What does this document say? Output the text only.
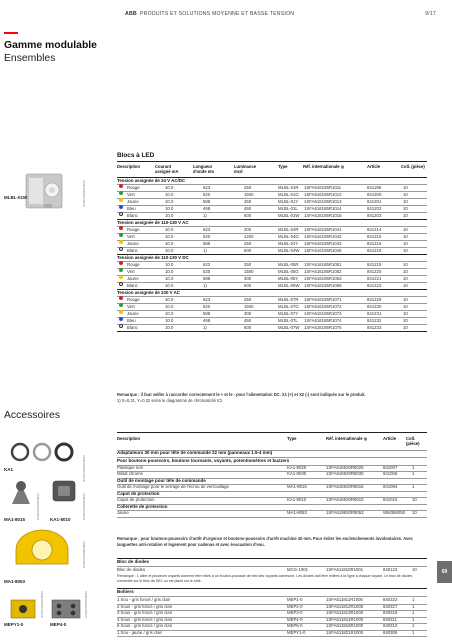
ABB PRODUITS ET SOLUTIONS MOYENNE ET BASSE TENSION	9/17
Gamme modulable
Ensembles
Blocs à LED
2CDC201001F0004
MLBL-01W
Description	Courant assigné mA
Longueur d'onde nm
Luminance mcd
Type	Réf. internationale ◎	Article	Coll. (pièce)
Tension assignée de 24 V AC/DC
Rouge	10.0	623	250	MLBL-01R 1SFA616185R1011	841199	10
Vert	10.0	520	1500	MLBL-01G 1SFA616185R1012	841200	10
Jaune	10.0	588	250	MLBL-01Y 1SFA616185R1013	841201	10
Bleu	10.0	468	450	MLBL-01L 1SFA616185R1014	841202	10
Blanc	10.0	1)	600	MLBL-01W 1SFA616185R1015	841203	10
Tension assignée de 110-130 V AC
Rouge	10.0	623	200	MLBL-04R 1SFA616185R1041	841214	10
Vert	10.0	520	1200	MLBL-04G 1SFA616185R1042	841215	10
Jaune	10.0	588	250	MLBL-04Y 1SFA616185R1043	841216	10
Blanc	10.0	1)	500	MLBL-04W 1SFA616185R1045	841218	10
Tension assignée de 110-130 V DC
Rouge	10.0	623	250	MLBL-05R 1SFA616185R1051	841219	10
Vert	10.0	520	1500	MLBL-05G 1SFA616185R1052	841220	10
Jaune	10.0	588	300	MLBL-05Y 1SFA616185R1053	841221	10
Blanc	10.0	1)	600	MLBL-05W 1SFA616185R1055	841223	10
Tension assignée de 230 V AC
Rouge	10.0	623	250	MLBL-07R 1SFA616185R1071	841229	10
Vert	10.0	520	1500	MLBL-07G 1SFA616185R1072	841230	10
Jaune	10.0	588	300	MLBL-07Y 1SFA616185R1073	841231	10
Bleu	10.0	468	450	MLBL-07L 1SFA616185R1074	841232	10
Blanc	10.0	1)	600	MLBL-07W 1SFA616185R1075	841233	10
Remarque : il faut veiller à raccorder correctement le + et le - pour l'alimentation DC. X1 (+) et X2 (-) sont indiqués sur le produit.
1) X=0,31, Y=0,32 selon le diagramme de chromaticité ICI.
Accessoires
Description	Type	Réf. internationale ◎	Article Coll. (pièce)
Adaptateurs 30 mm pour tête de commande 22 mm (panneaux 1.5-4 mm)
Pour boutons-poussoirs, boutons tournants, voyants, potentiomètres et buzzers
Plastique noir	KA1-8029	1SFA616920R8029	841007	1
Métal chromé	KA1-8030	1SFA616920R8030	841006	1
Outil de montage pour tête de commande
Outil de montage pour le serrage de l'écrou de verrouillage	MA1-8015	1SFA616920R8015	841094	1
Capot de protection
Capot de protection	KA1-8010	1SFA616920R8010	841015	10
Collerette de protection
Jaune	MA1-8053	1SFA619920R8053	WM356050 10
Remarque : pour boutons-poussoirs d'arrêt d'urgence et boutons-poussoirs d'arrêt machine 40 mm. Pour éviter les enclenchements involontaires. Avec languettes anti-rotation et logement pour cadenas et avec évacuation d'eau.
2CDC201002F0004
KA1
2CDC201003F0004	2CDC201004F0004
MA1-8015	KA1-8010
2CDC201005F0004
MA1-8053
Bloc de diodes
Bloc de diodes	MCG-1001	1SFA611810R1001	840123	10
Remarque : 1 ailler et plusieurs voyants donnent être reliés à un bouton-poussoir de test des voyants commune. Les diodes doit être reliées à la ligne à chaque voyant. Le bloc de diodes s'emboîte sur le bloc de DEL ou est placé sur le côté.
Boîtiers
1 trou - gris foncé / gris clair	MEP1-0	1SFA611811R1000	840322	1
2 trous - gris foncé / gris clair	MEP2-0	1SFA611812R1000	840327	1
3 trous - gris foncé / gris clair	MEP3-0	1SFA611813R1000	840318	1
4 trous - gris foncé / gris clair	MEP4-0	1SFA611814R1000	840311	1
6 trous - gris foncé / gris clair	MEP6-0	1SFA611816R1000	840310	1
1 trou - jaune / gris clair	MEPY1-0	1SFA611821R1000	840306	1
2CDC201006F0004	2CDC201007F0004
MEPY1-0	MEP4-0
69
